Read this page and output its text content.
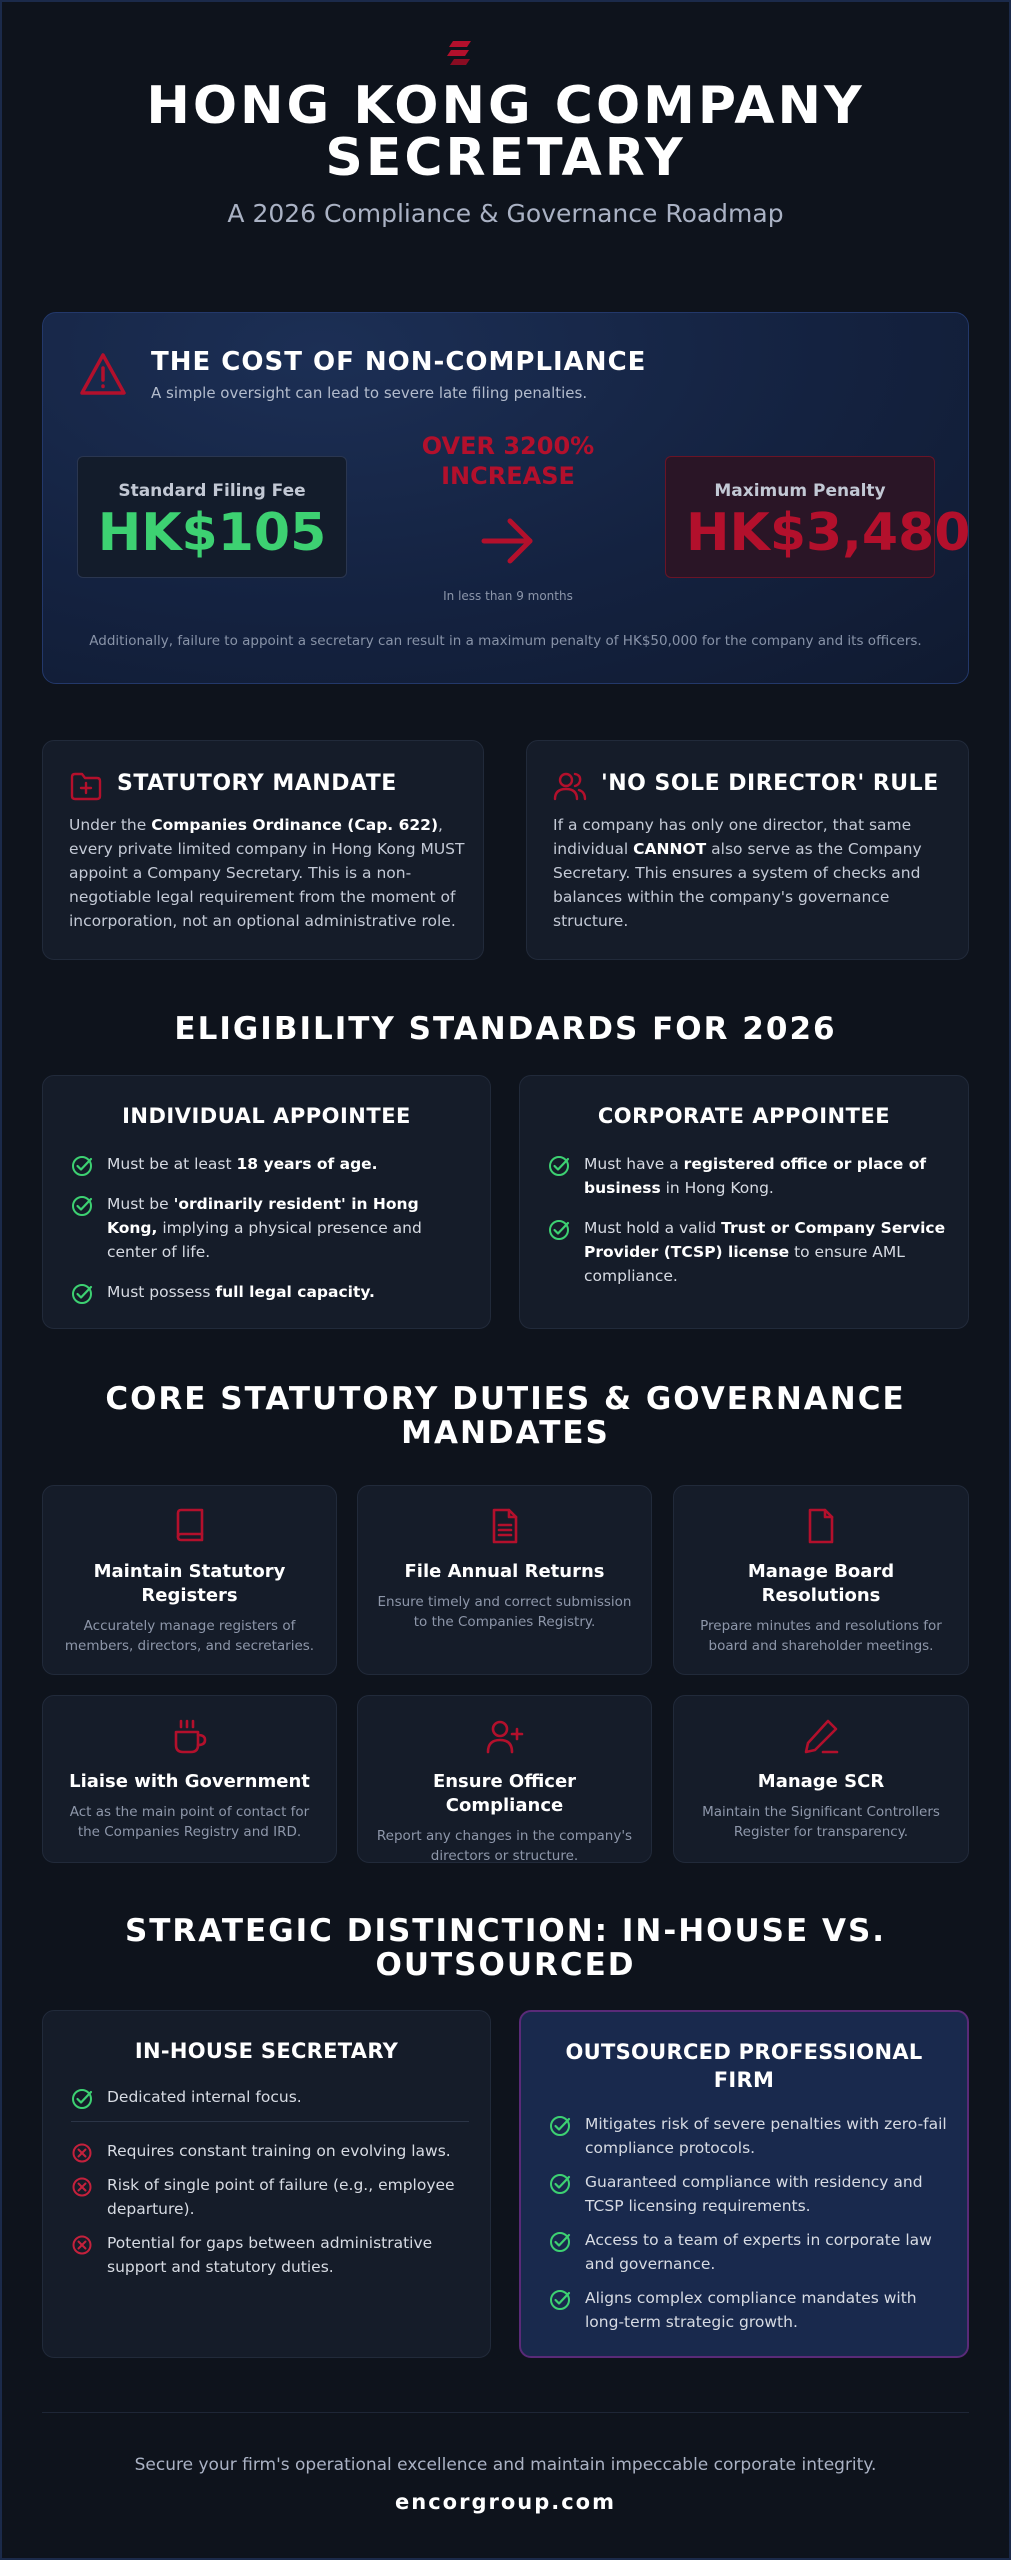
HONG KONG COMPANY
SECRETARY
A 2026 Compliance & Governance Roadmap
THE COST OF NON-COMPLIANCE
A simple oversight can lead to severe late filing penalties.
Standard Filing Fee
HK$105
OVER 3200%
INCREASE
In less than 9 months
Maximum Penalty
HK$3,480
Additionally, failure to appoint a secretary can result in a maximum penalty of HK$50,000 for the company and its officers.
STATUTORY MANDATE
Under the Companies Ordinance (Cap. 622), every private limited company in Hong Kong MUST appoint a Company Secretary. This is a non-negotiable legal requirement from the moment of incorporation, not an optional administrative role.
'NO SOLE DIRECTOR' RULE
If a company has only one director, that same individual CANNOT also serve as the Company Secretary. This ensures a system of checks and balances within the company's governance structure.
ELIGIBILITY STANDARDS FOR 2026
INDIVIDUAL APPOINTEE
Must be at least 18 years of age.
Must be 'ordinarily resident' in Hong Kong, implying a physical presence and center of life.
Must possess full legal capacity.
CORPORATE APPOINTEE
Must have a registered office or place of business in Hong Kong.
Must hold a valid Trust or Company Service Provider (TCSP) license to ensure AML compliance.
CORE STATUTORY DUTIES & GOVERNANCE
MANDATES
Maintain Statutory Registers
Accurately manage registers of members, directors, and secretaries.
File Annual Returns
Ensure timely and correct submission to the Companies Registry.
Manage Board Resolutions
Prepare minutes and resolutions for board and shareholder meetings.
Liaise with Government
Act as the main point of contact for the Companies Registry and IRD.
Ensure Officer Compliance
Report any changes in the company's directors or structure.
Manage SCR
Maintain the Significant Controllers Register for transparency.
STRATEGIC DISTINCTION: IN-HOUSE VS.
OUTSOURCED
IN-HOUSE SECRETARY
Dedicated internal focus.
Requires constant training on evolving laws.
Risk of single point of failure (e.g., employee departure).
Potential for gaps between administrative support and statutory duties.
OUTSOURCED PROFESSIONAL FIRM
Mitigates risk of severe penalties with zero-fail compliance protocols.
Guaranteed compliance with residency and TCSP licensing requirements.
Access to a team of experts in corporate law and governance.
Aligns complex compliance mandates with long-term strategic growth.
Secure your firm's operational excellence and maintain impeccable corporate integrity.
encorgroup.com
